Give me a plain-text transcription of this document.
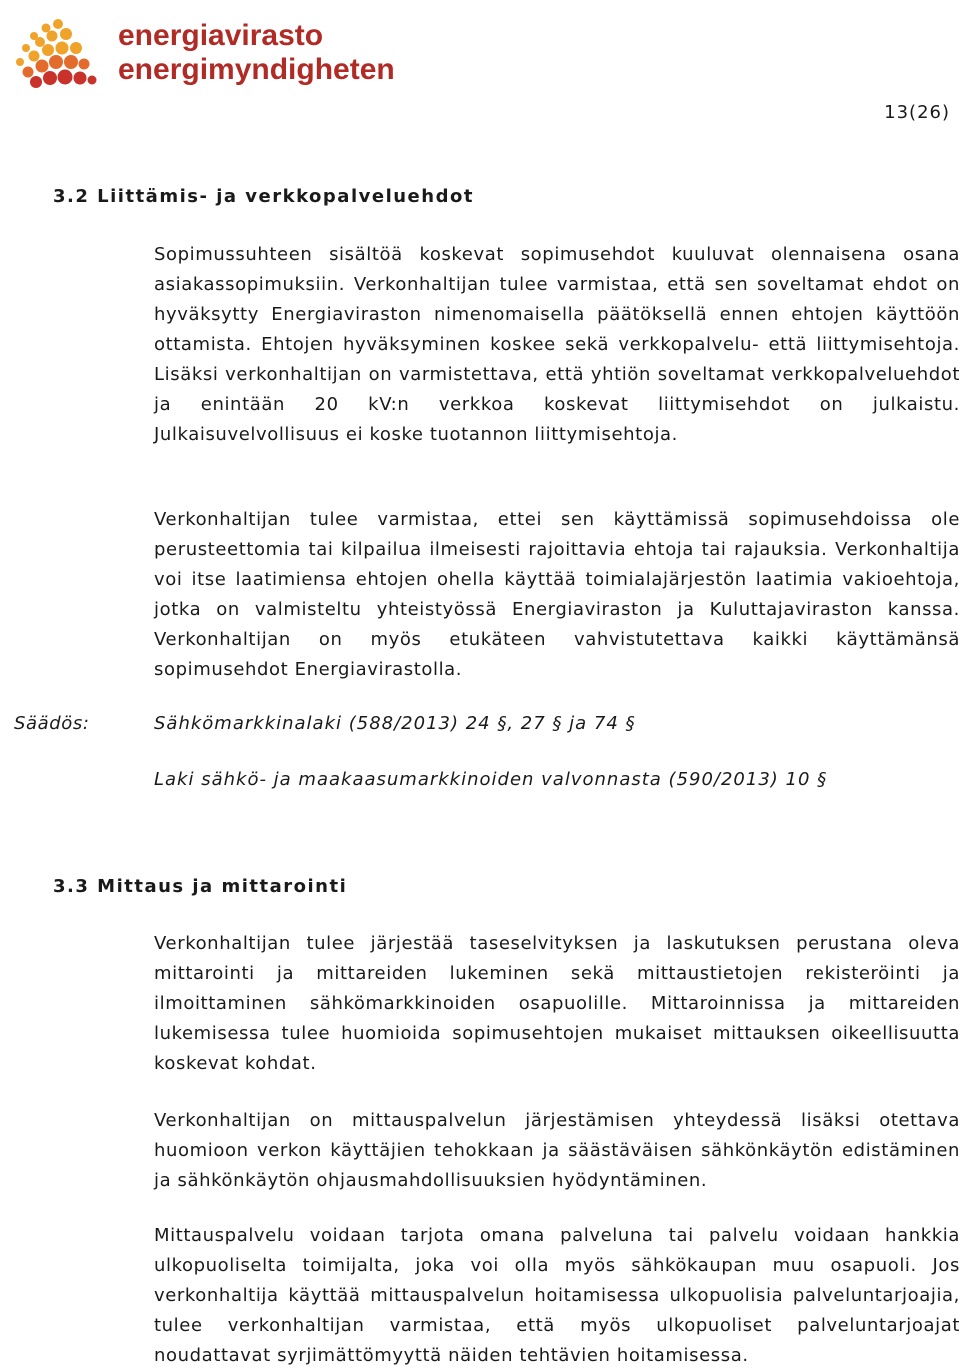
energiavirasto
energimyndigheten
13(26)
3.2 Liittämis- ja verkkopalveluehdot

Sopimussuhteen sisältöä koskevat sopimusehdot kuuluvat olennaisena osana asiakassopimuksiin. Verkonhaltijan tulee varmistaa, että sen soveltamat ehdot on hyväksytty Energiaviraston nimenomaisella päätöksellä ennen ehtojen käyttöön ottamista. Ehtojen hyväksyminen koskee sekä verkkopalvelu- että liittymisehtoja. Lisäksi verkonhaltijan on varmistettava, että yhtiön soveltamat verkkopalveluehdot ja enintään 20 kV:n verkkoa koskevat liittymisehdot on julkaistu. Julkaisuvelvollisuus ei koske tuotannon liittymisehtoja.

Verkonhaltijan tulee varmistaa, ettei sen käyttämissä sopimusehdoissa ole perusteettomia tai kilpailua ilmeisesti rajoittavia ehtoja tai rajauksia. Verkonhaltija voi itse laatimiensa ehtojen ohella käyttää toimialajärjestön laatimia vakioehtoja, jotka on valmisteltu yhteistyössä Energiaviraston ja Kuluttajaviraston kanssa. Verkonhaltijan on myös etukäteen vahvistutettava kaikki käyttämänsä sopimusehdot Energiavirastolla.

Säädös:	Sähkömarkkinalaki (588/2013) 24 §, 27 § ja 74 §
Laki sähkö- ja maakaasumarkkinoiden valvonnasta (590/2013) 10 §
3.3 Mittaus ja mittarointi

Verkonhaltijan tulee järjestää taseselvityksen ja laskutuksen perustana oleva mittarointi ja mittareiden lukeminen sekä mittaustietojen rekisteröinti ja ilmoittaminen sähkömarkkinoiden osapuolille. Mittaroinnissa ja mittareiden lukemisessa tulee huomioida sopimusehtojen mukaiset mittauksen oikeellisuutta koskevat kohdat.

Verkonhaltijan on mittauspalvelun järjestämisen yhteydessä lisäksi otettava huomioon verkon käyttäjien tehokkaan ja säästäväisen sähkönkäytön edistäminen ja sähkönkäytön ohjausmahdollisuuksien hyödyntäminen.

Mittauspalvelu voidaan tarjota omana palveluna tai palvelu voidaan hankkia ulkopuoliselta toimijalta, joka voi olla myös sähkökaupan muu osapuoli. Jos verkonhaltija käyttää mittauspalvelun hoitamisessa ulkopuolisia palveluntarjoajia, tulee verkonhaltijan varmistaa, että myös ulkopuoliset palveluntarjoajat noudattavat syrjimättömyyttä näiden tehtävien hoitamisessa.
